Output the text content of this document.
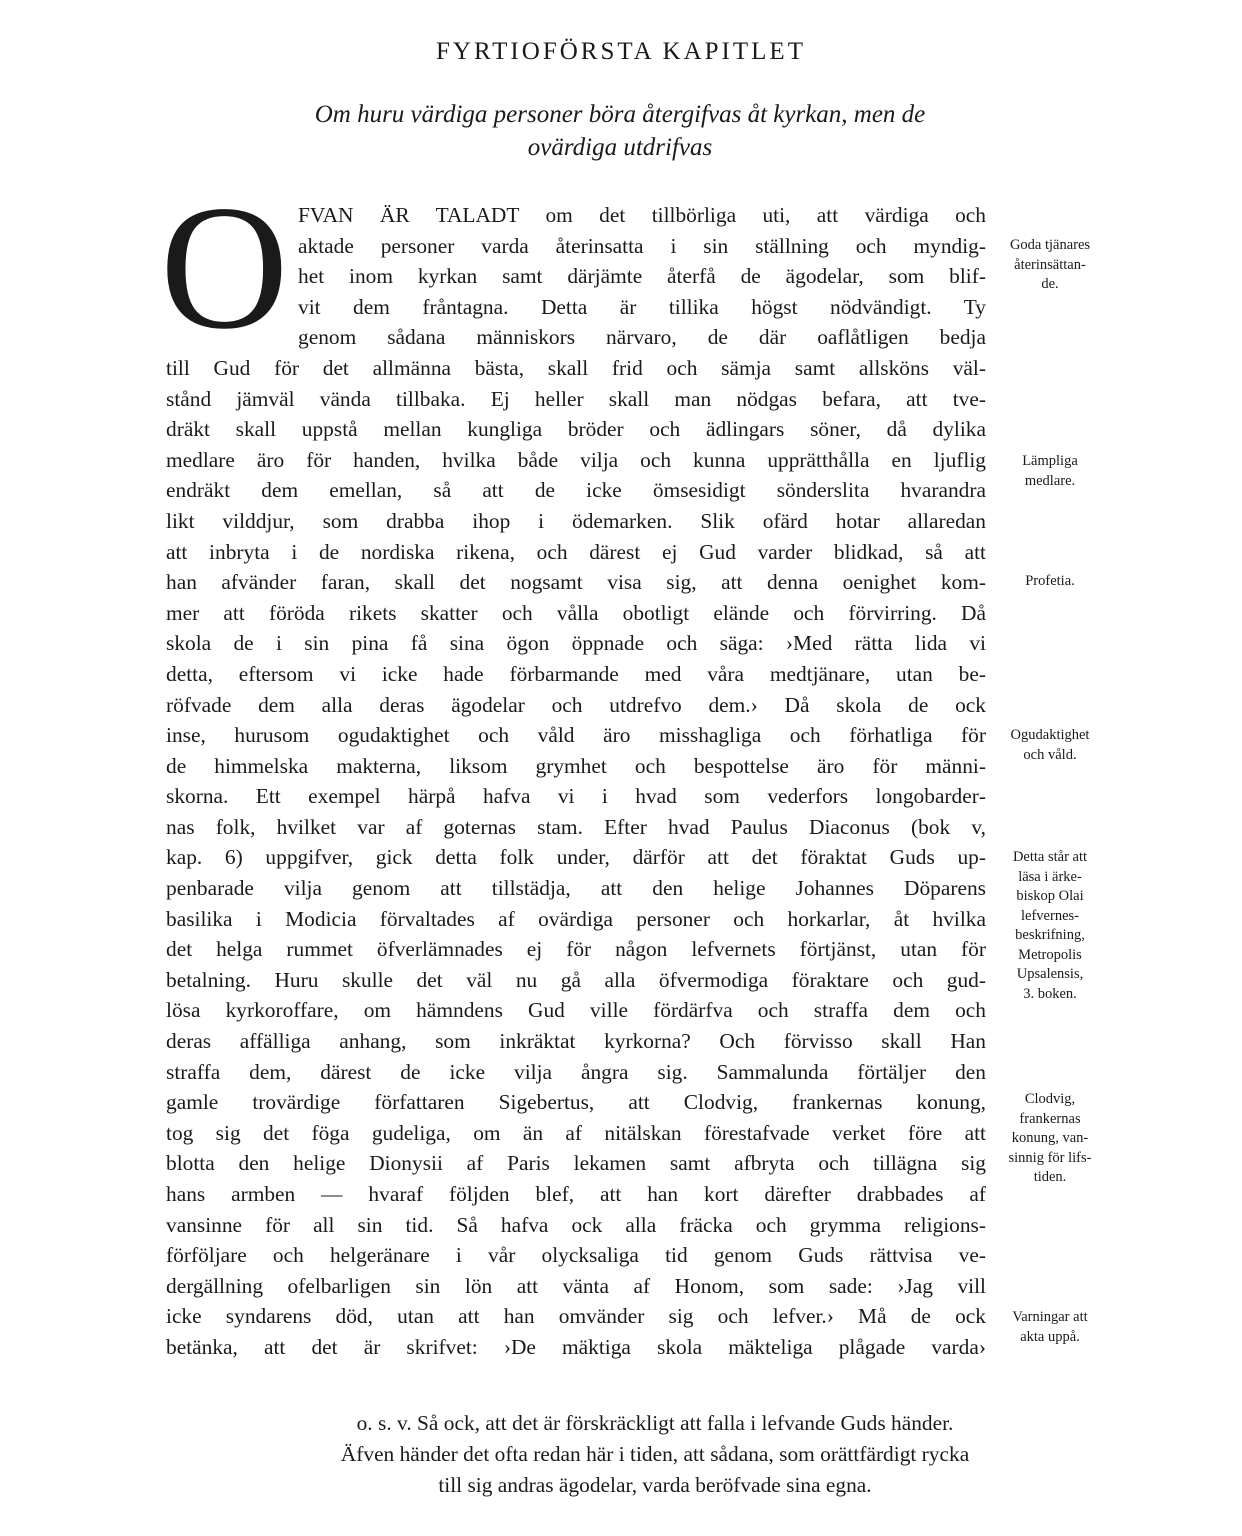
FYRTIOFÖRSTA KAPITLET
Om huru värdiga personer böra återgifvas åt kyrkan, men de
ovärdiga utdrifvas
O FVAN ÄR TALADT om det tillbörliga uti, att värdiga och
aktade personer varda återinsatta i sin ställning och myndig‑
het inom kyrkan samt därjämte återfå de ägodelar, som blif‑
vit dem fråntagna. Detta är tillika högst nödvändigt. Ty
genom sådana människors närvaro, de där oaflåtligen bedja
till Gud för det allmänna bästa, skall frid och sämja samt allsköns väl‑
stånd jämväl vända tillbaka. Ej heller skall man nödgas befara, att tve‑
dräkt skall uppstå mellan kungliga bröder och ädlingars söner, då dylika
medlare äro för handen, hvilka både vilja och kunna upprätthålla en ljuflig
endräkt dem emellan, så att de icke ömsesidigt sönderslita hvarandra
likt vilddjur, som drabba ihop i ödemarken. Slik ofärd hotar allaredan
att inbryta i de nordiska rikena, och därest ej Gud varder blidkad, så att
han afvänder faran, skall det nogsamt visa sig, att denna oenighet kom‑
mer att föröda rikets skatter och vålla obotligt elände och förvirring. Då
skola de i sin pina få sina ögon öppnade och säga: ›Med rätta lida vi
detta, eftersom vi icke hade förbarmande med våra medtjänare, utan be‑
röfvade dem alla deras ägodelar och utdrefvo dem.› Då skola de ock
inse, hurusom ogudaktighet och våld äro misshagliga och förhatliga för
de himmelska makterna, liksom grymhet och bespottelse äro för männi‑
skorna. Ett exempel härpå hafva vi i hvad som vederfors longobarder‑
nas folk, hvilket var af goternas stam. Efter hvad Paulus Diaconus (bok v,
kap. 6) uppgifver, gick detta folk under, därför att det föraktat Guds up‑
penbarade vilja genom att tillstädja, att den helige Johannes Döparens
basilika i Modicia förvaltades af ovärdiga personer och horkarlar, åt hvilka
det helga rummet öfverlämnades ej för någon lefvernets förtjänst, utan för
betalning. Huru skulle det väl nu gå alla öfvermodiga föraktare och gud‑
lösa kyrkoroffare, om hämndens Gud ville fördärfva och straffa dem och
deras affälliga anhang, som inkräktat kyrkorna? Och förvisso skall Han
straffa dem, därest de icke vilja ångra sig. Sammalunda förtäljer den
gamle trovärdige författaren Sigebertus, att Clodvig, frankernas konung,
tog sig det föga gudeliga, om än af nitälskan förestafvade verket före att
blotta den helige Dionysii af Paris lekamen samt afbryta och tillägna sig
hans armben — hvaraf följden blef, att han kort därefter drabbades af
vansinne för all sin tid. Så hafva ock alla fräcka och grymma religions‑
förföljare och helgeränare i vår olycksaliga tid genom Guds rättvisa ve‑
dergällning ofelbarligen sin lön att vänta af Honom, som sade: ›Jag vill
icke syndarens död, utan att han omvänder sig och lefver.› Må de ock
betänka, att det är skrifvet: ›De mäktiga skola mäkteliga plågade varda›
Goda tjänares
återinsättan‑
de.
Lämpliga
medlare.
Profetia.
Ogudaktighet
och våld.
Detta står att
läsa i ärke‑
biskop Olai
lefvernes‑
beskrifning,
Metropolis
Upsalensis,
3. boken.
Clodvig,
frankernas
konung, van‑
sinnig för lifs‑
tiden.
Varningar att
akta uppå.
o. s. v. Så ock, att det är förskräckligt att falla i lefvande Guds händer.
Äfven händer det ofta redan här i tiden, att sådana, som orättfärdigt rycka
till sig andras ägodelar, varda beröfvade sina egna.
